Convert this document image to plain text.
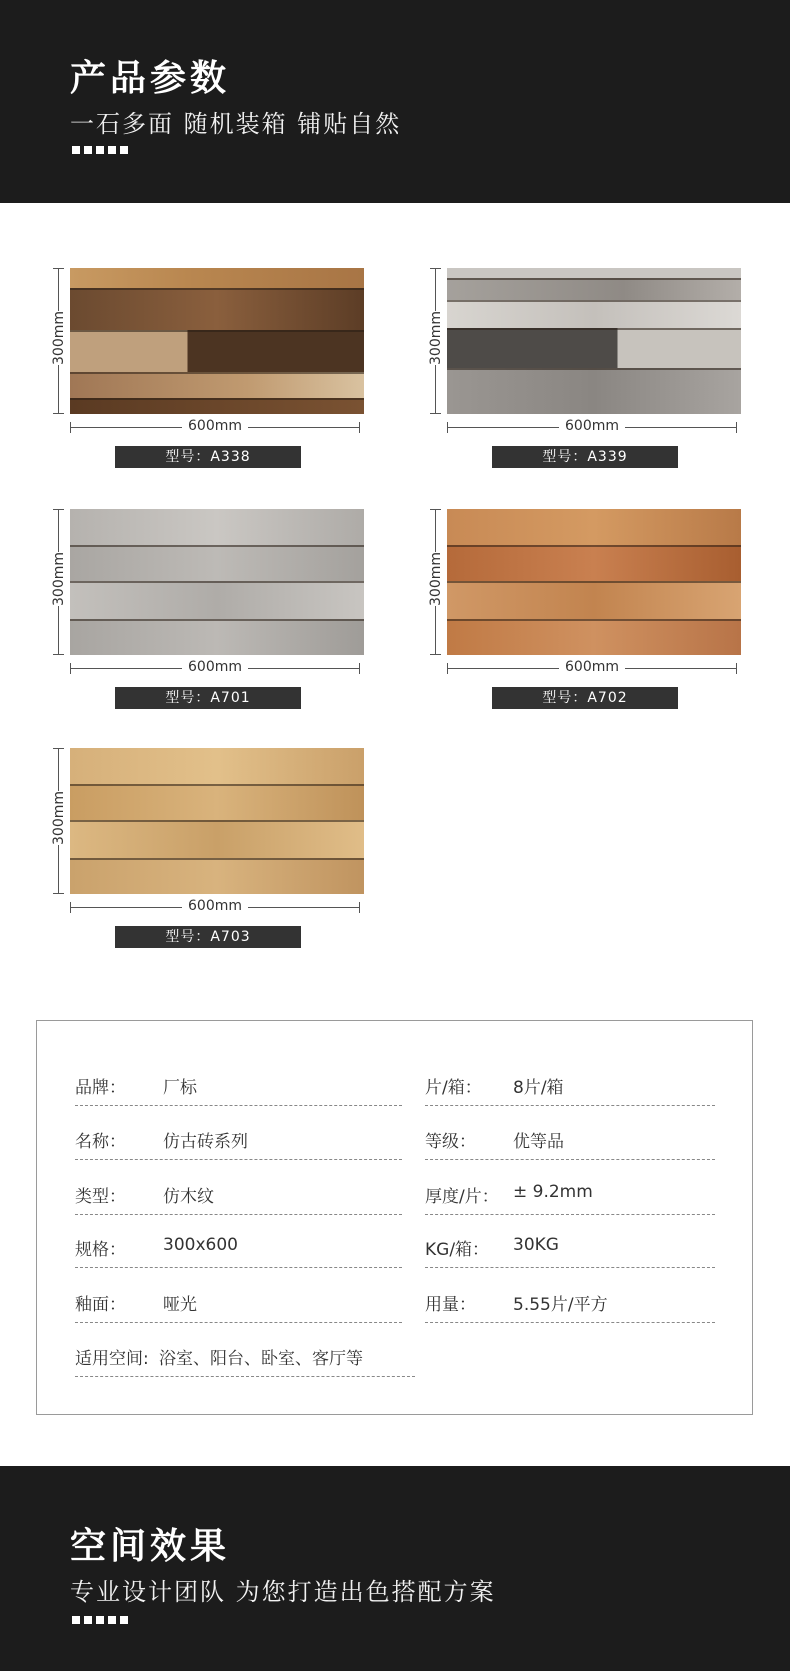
产品参数
一石多面 随机装箱 铺贴自然
300mm
600mm
型号：A338
300mm
600mm
型号：A339
300mm
600mm
型号：A701
300mm
600mm
型号：A702
300mm
600mm
型号：A703
品牌： 厂标	片/箱： 8片/箱
名称： 仿古砖系列	等级： 优等品
类型： 仿木纹	厚度/片： ± 9.2mm
规格： 300x600	KG/箱： 30KG
釉面： 哑光	用量： 5.55片/平方
适用空间: 浴室、阳台、卧室、客厅等
空间效果
专业设计团队 为您打造出色搭配方案
